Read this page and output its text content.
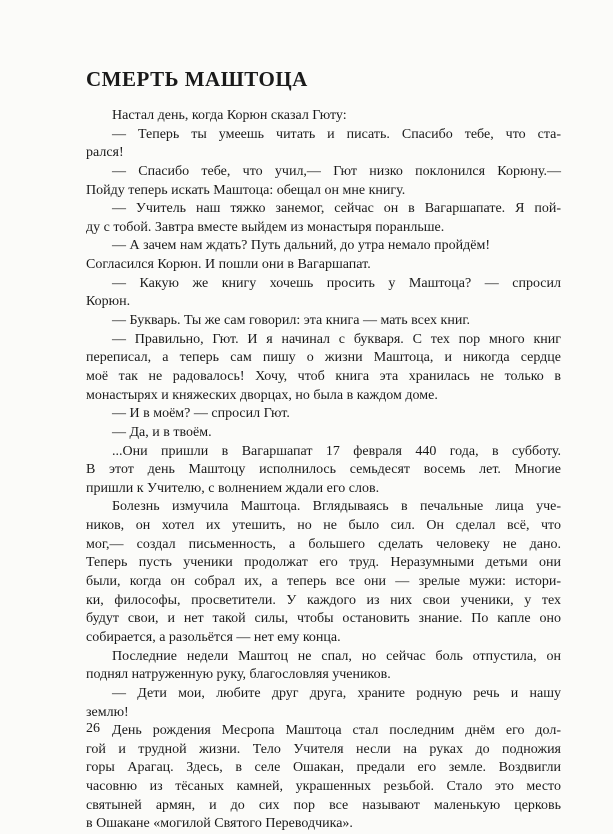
СМЕРТЬ МАШТОЦА
Настал день, когда Корюн сказал Гюту:
— Теперь ты умеешь читать и писать. Спасибо тебе, что ста-
рался!
— Спасибо тебе, что учил,— Гют низко поклонился Корюну.—
Пойду теперь искать Маштоца: обещал он мне книгу.
— Учитель наш тяжко занемог, сейчас он в Вагаршапате. Я пой-
ду с тобой. Завтра вместе выйдем из монастыря поранльше.
— А зачем нам ждать? Путь дальний, до утра немало пройдём!
Согласился Корюн. И пошли они в Вагаршапат.
— Какую же книгу хочешь просить у Маштоца? — спросил
Корюн.
— Букварь. Ты же сам говорил: эта книга — мать всех книг.
— Правильно, Гют. И я начинал с букваря. С тех пор много книг
переписал, а теперь сам пишу о жизни Маштоца, и никогда сердце
моё так не радовалось! Хочу, чтоб книга эта хранилась не только в
монастырях и княжеских дворцах, но была в каждом доме.
— И в моём? — спросил Гют.
— Да, и в твоём.
...Они пришли в Вагаршапат 17 февраля 440 года, в субботу.
В этот день Маштоцу исполнилось семьдесят восемь лет. Многие
пришли к Учителю, с волнением ждали его слов.
Болезнь измучила Маштоца. Вглядываясь в печальные лица уче-
ников, он хотел их утешить, но не было сил. Он сделал всё, что
мог,— создал письменность, а большего сделать человеку не дано.
Теперь пусть ученики продолжат его труд. Неразумными детьми они
были, когда он собрал их, а теперь все они — зрелые мужи: истори-
ки, философы, просветители. У каждого из них свои ученики, у тех
будут свои, и нет такой силы, чтобы остановить знание. По капле оно
собирается, а разольётся — нет ему конца.
Последние недели Маштоц не спал, но сейчас боль отпустила, он
поднял натруженную руку, благословляя учеников.
— Дети мои, любите друг друга, храните родную речь и нашу
землю!
День рождения Месропа Маштоца стал последним днём его дол-
гой и трудной жизни. Тело Учителя несли на руках до подножия
горы Арагац. Здесь, в селе Ошакан, предали его земле. Воздвигли
часовню из тёсаных камней, украшенных резьбой. Стало это место
святыней армян, и до сих пор все называют маленькую церковь
в Ошакане «могилой Святого Переводчика».
26
